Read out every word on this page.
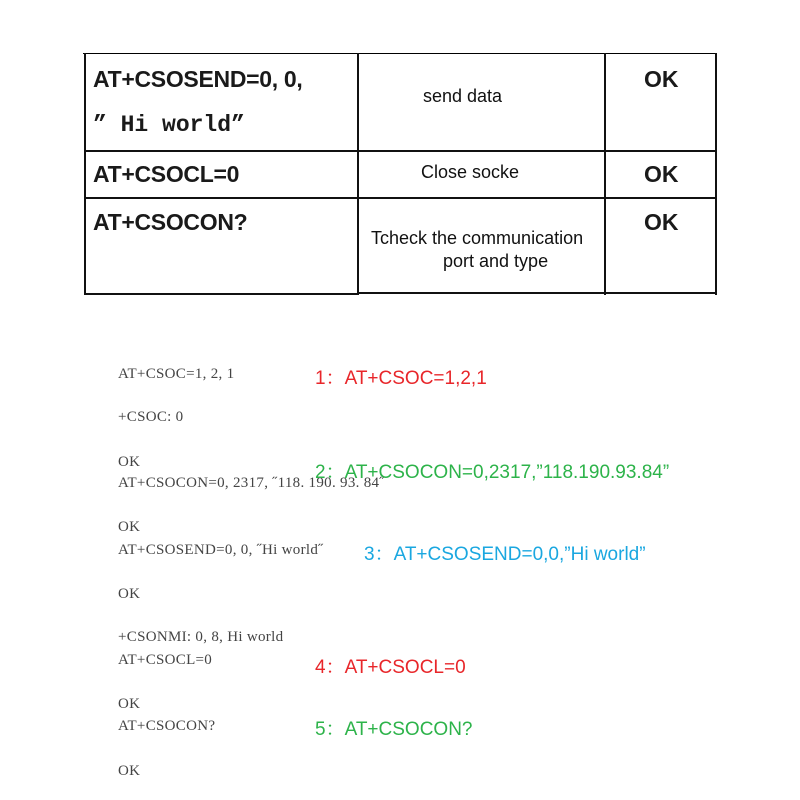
AT+CSOSEND=0, 0,
” Hi world”
send data
OK
AT+CSOCL=0	Close socke	OK
AT+CSOCON?
Tcheck the communication
port and type
OK
AT+CSOC=1, 2, 1
+CSOC: 0
OK
AT+CSOCON=0, 2317, ˝118. 190. 93. 84˝
OK
AT+CSOSEND=0, 0, ˝Hi world˝
OK
+CSONMI: 0, 8, Hi world
AT+CSOCL=0
OK
AT+CSOCON?
OK
1：AT+CSOC=1,2,1
2：AT+CSOCON=0,2317,”118.190.93.84”
3：AT+CSOSEND=0,0,”Hi world”
4：AT+CSOCL=0
5：AT+CSOCON?
